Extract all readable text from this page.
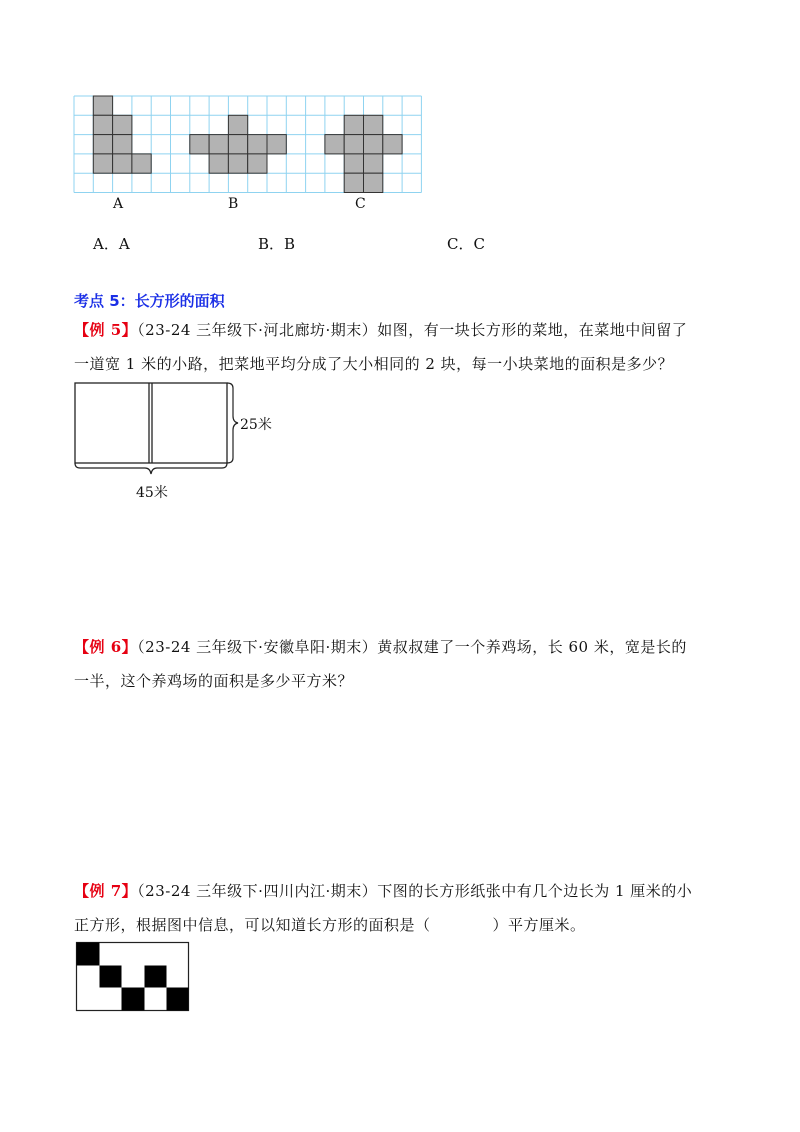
A	B	C
A．A	B．B	C．C
考点 5：长方形的面积
【例 5】（23-24 三年级下·河北廊坊·期末）如图，有一块长方形的菜地，在菜地中间留了
一道宽 1 米的小路，把菜地平均分成了大小相同的 2 块，每一小块菜地的面积是多少？
25米
45米
【例 6】（23-24 三年级下·安徽阜阳·期末）黄叔叔建了一个养鸡场，长 60 米，宽是长的
一半，这个养鸡场的面积是多少平方米？
【例 7】（23-24 三年级下·四川内江·期末）下图的长方形纸张中有几个边长为 1 厘米的小
正方形，根据图中信息，可以知道长方形的面积是（　　　　）平方厘米。
